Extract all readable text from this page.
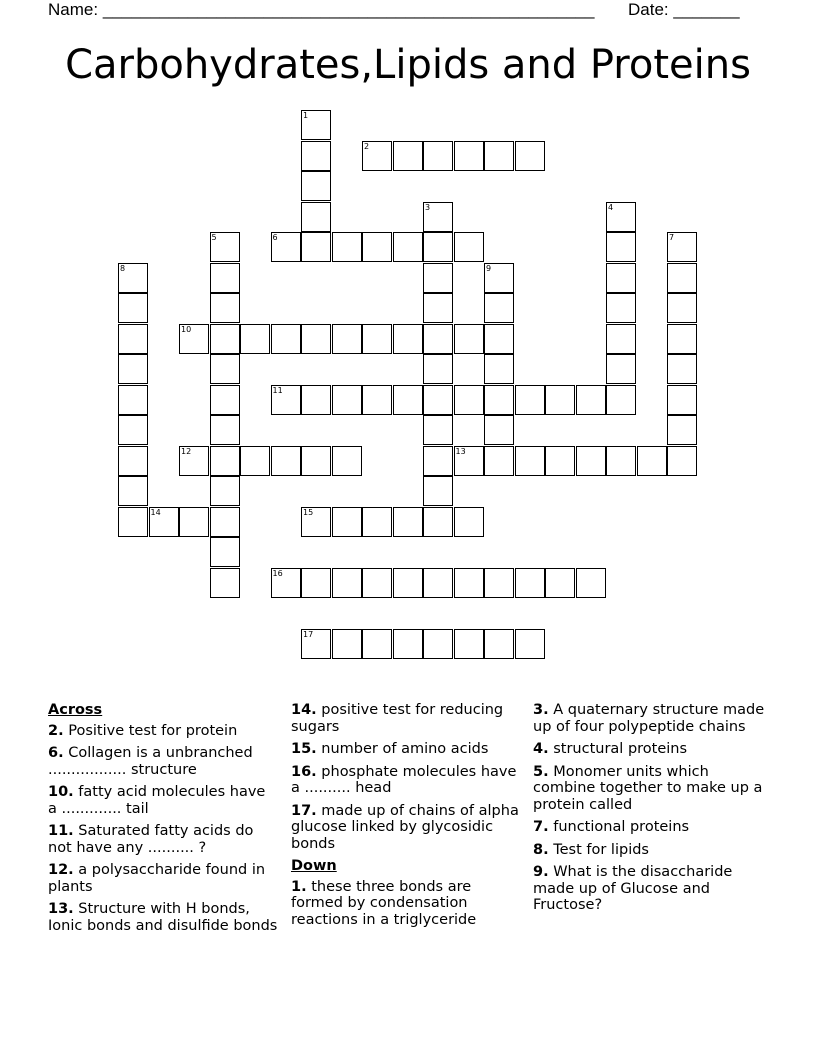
Name: ____________________________________________________ Date: _______
Carbohydrates,Lipids and Proteins
1
2
3	4
5	6	7
8	9
10
11
12	13
14	15
16
17
Across
2. Positive test for protein
6. Collagen is a unbranched ................. structure
10. fatty acid molecules have a ............. tail
11. Saturated fatty acids do not have any .......... ?
12. a polysaccharide found in plants
13. Structure with H bonds, Ionic bonds and disulfide bonds
14. positive test for reducing sugars
15. number of amino acids
16. phosphate molecules have a .......... head
17. made up of chains of alpha glucose linked by glycosidic bonds
Down
1. these three bonds are formed by condensation reactions in a triglyceride
3. A quaternary structure made up of four polypeptide chains
4. structural proteins
5. Monomer units which combine together to make up a protein called
7. functional proteins
8. Test for lipids
9. What is the disaccharide made up of Glucose and Fructose?
